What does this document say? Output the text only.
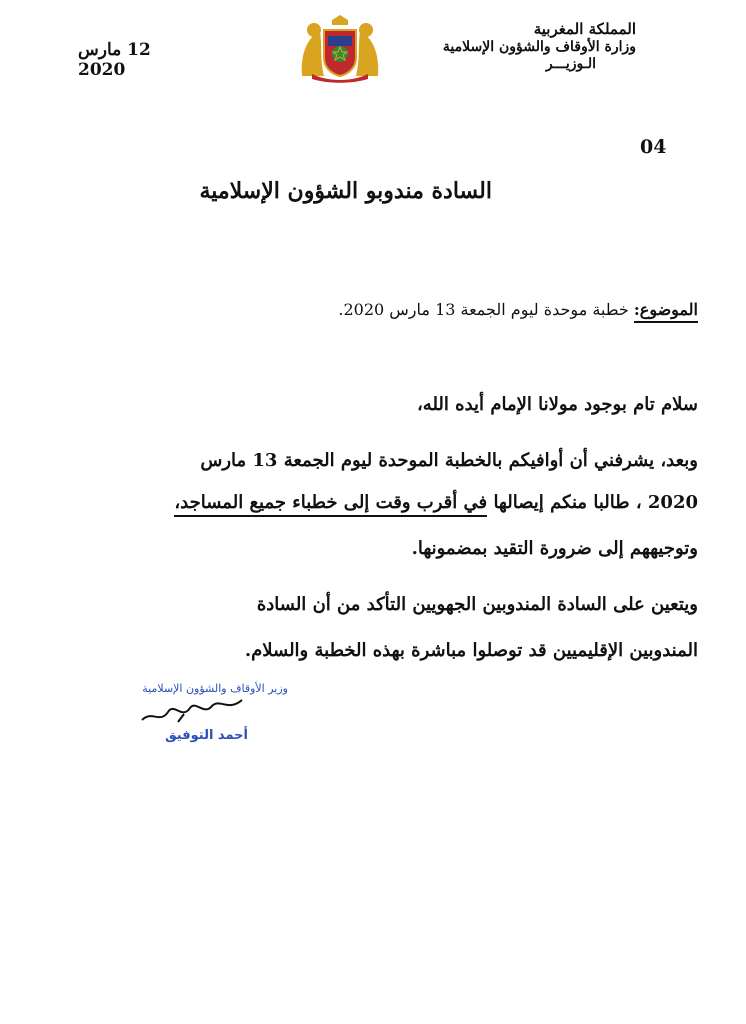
المملكة المغربية
وزارة الأوقاف والشؤون الإسلامية
الـوزيـــر
12 مارس 2020
04
السادة مندوبو الشؤون الإسلامية
الموضوع: خطبة موحدة ليوم الجمعة 13 مارس 2020.
سلام تام بوجود مولانا الإمام أيده الله،
وبعد، يشرفني أن أوافيكم بالخطبة الموحدة ليوم الجمعة 13 مارس
2020 ، طالبا منكم إيصالها في أقرب وقت إلى خطباء جميع المساجد،
وتوجيههم إلى ضرورة التقيد بمضمونها.
ويتعين على السادة المندوبين الجهويين التأكد من أن السادة
المندوبين الإقليميين قد توصلوا مباشرة بهذه الخطبة والسلام.
وزير الأوقاف والشؤون الإسلامية
أحمد التوفيق
